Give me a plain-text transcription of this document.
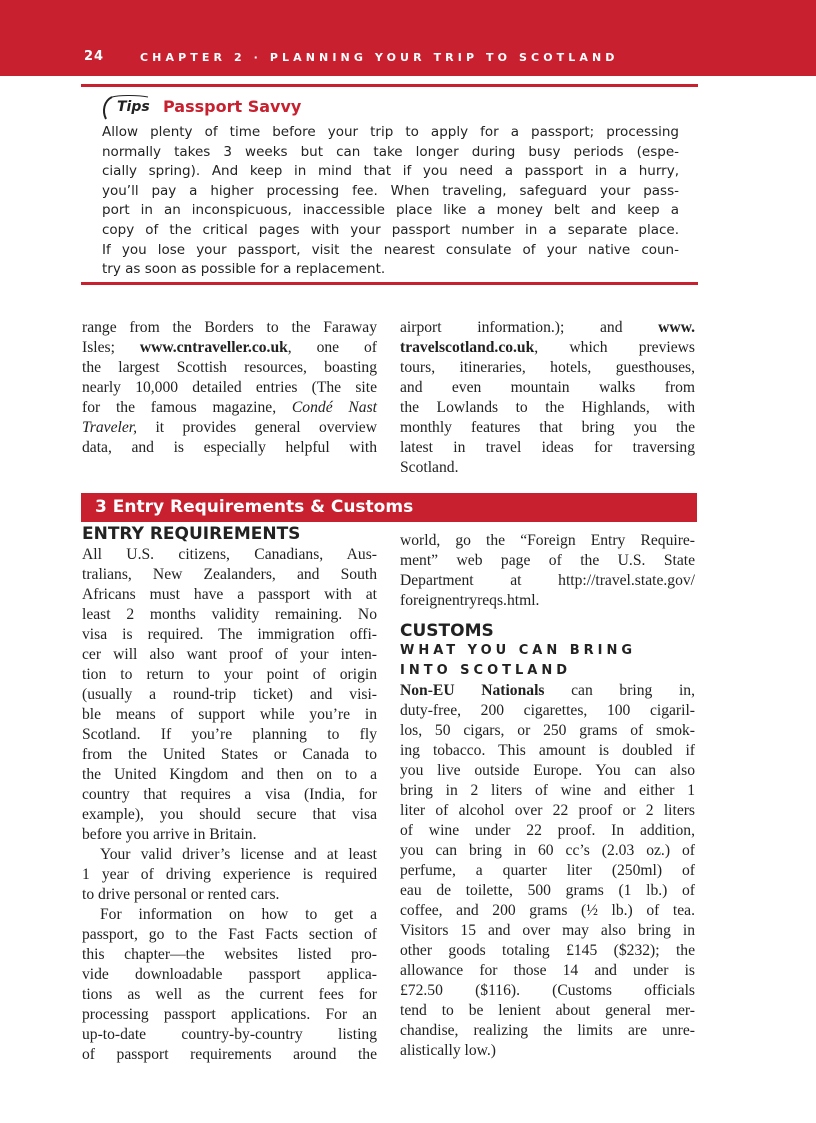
24	CHAPTER 2 · PLANNING YOUR TRIP TO SCOTLAND
Tips Passport Savvy
Allow plenty of time before your trip to apply for a passport; processing
normally takes 3 weeks but can take longer during busy periods (espe-
cially spring). And keep in mind that if you need a passport in a hurry,
you’ll pay a higher processing fee. When traveling, safeguard your pass-
port in an inconspicuous, inaccessible place like a money belt and keep a
copy of the critical pages with your passport number in a separate place.
If you lose your passport, visit the nearest consulate of your native coun-
try as soon as possible for a replacement.
range from the Borders to the Faraway
Isles; www.cntraveller.co.uk, one of
the largest Scottish resources, boasting
nearly 10,000 detailed entries (The site
for the famous magazine, Condé Nast
Traveler, it provides general overview
data, and is especially helpful with
airport information.); and www.
travelscotland.co.uk, which previews
tours, itineraries, hotels, guesthouses,
and even mountain walks from
the Lowlands to the Highlands, with
monthly features that bring you the
latest in travel ideas for traversing
Scotland.
3 Entry Requirements & Customs
ENTRY REQUIREMENTS
All U.S. citizens, Canadians, Aus-
tralians, New Zealanders, and South
Africans must have a passport with at
least 2 months validity remaining. No
visa is required. The immigration offi-
cer will also want proof of your inten-
tion to return to your point of origin
(usually a round-trip ticket) and visi-
ble means of support while you’re in
Scotland. If you’re planning to fly
from the United States or Canada to
the United Kingdom and then on to a
country that requires a visa (India, for
example), you should secure that visa
before you arrive in Britain.
Your valid driver’s license and at least
1 year of driving experience is required
to drive personal or rented cars.
For information on how to get a
passport, go to the Fast Facts section of
this chapter—the websites listed pro-
vide downloadable passport applica-
tions as well as the current fees for
processing passport applications. For an
up-to-date country-by-country listing
of passport requirements around the
world, go the “Foreign Entry Require-
ment” web page of the U.S. State
Department at http://travel.state.gov/
foreignentryreqs.html.
CUSTOMS
WHAT YOU CAN BRING
INTO SCOTLAND
Non-EU Nationals can bring in,
duty-free, 200 cigarettes, 100 cigaril-
los, 50 cigars, or 250 grams of smok-
ing tobacco. This amount is doubled if
you live outside Europe. You can also
bring in 2 liters of wine and either 1
liter of alcohol over 22 proof or 2 liters
of wine under 22 proof. In addition,
you can bring in 60 cc’s (2.03 oz.) of
perfume, a quarter liter (250ml) of
eau de toilette, 500 grams (1 lb.) of
coffee, and 200 grams (½ lb.) of tea.
Visitors 15 and over may also bring in
other goods totaling £145 ($232); the
allowance for those 14 and under is
£72.50 ($116). (Customs officials
tend to be lenient about general mer-
chandise, realizing the limits are unre-
alistically low.)
